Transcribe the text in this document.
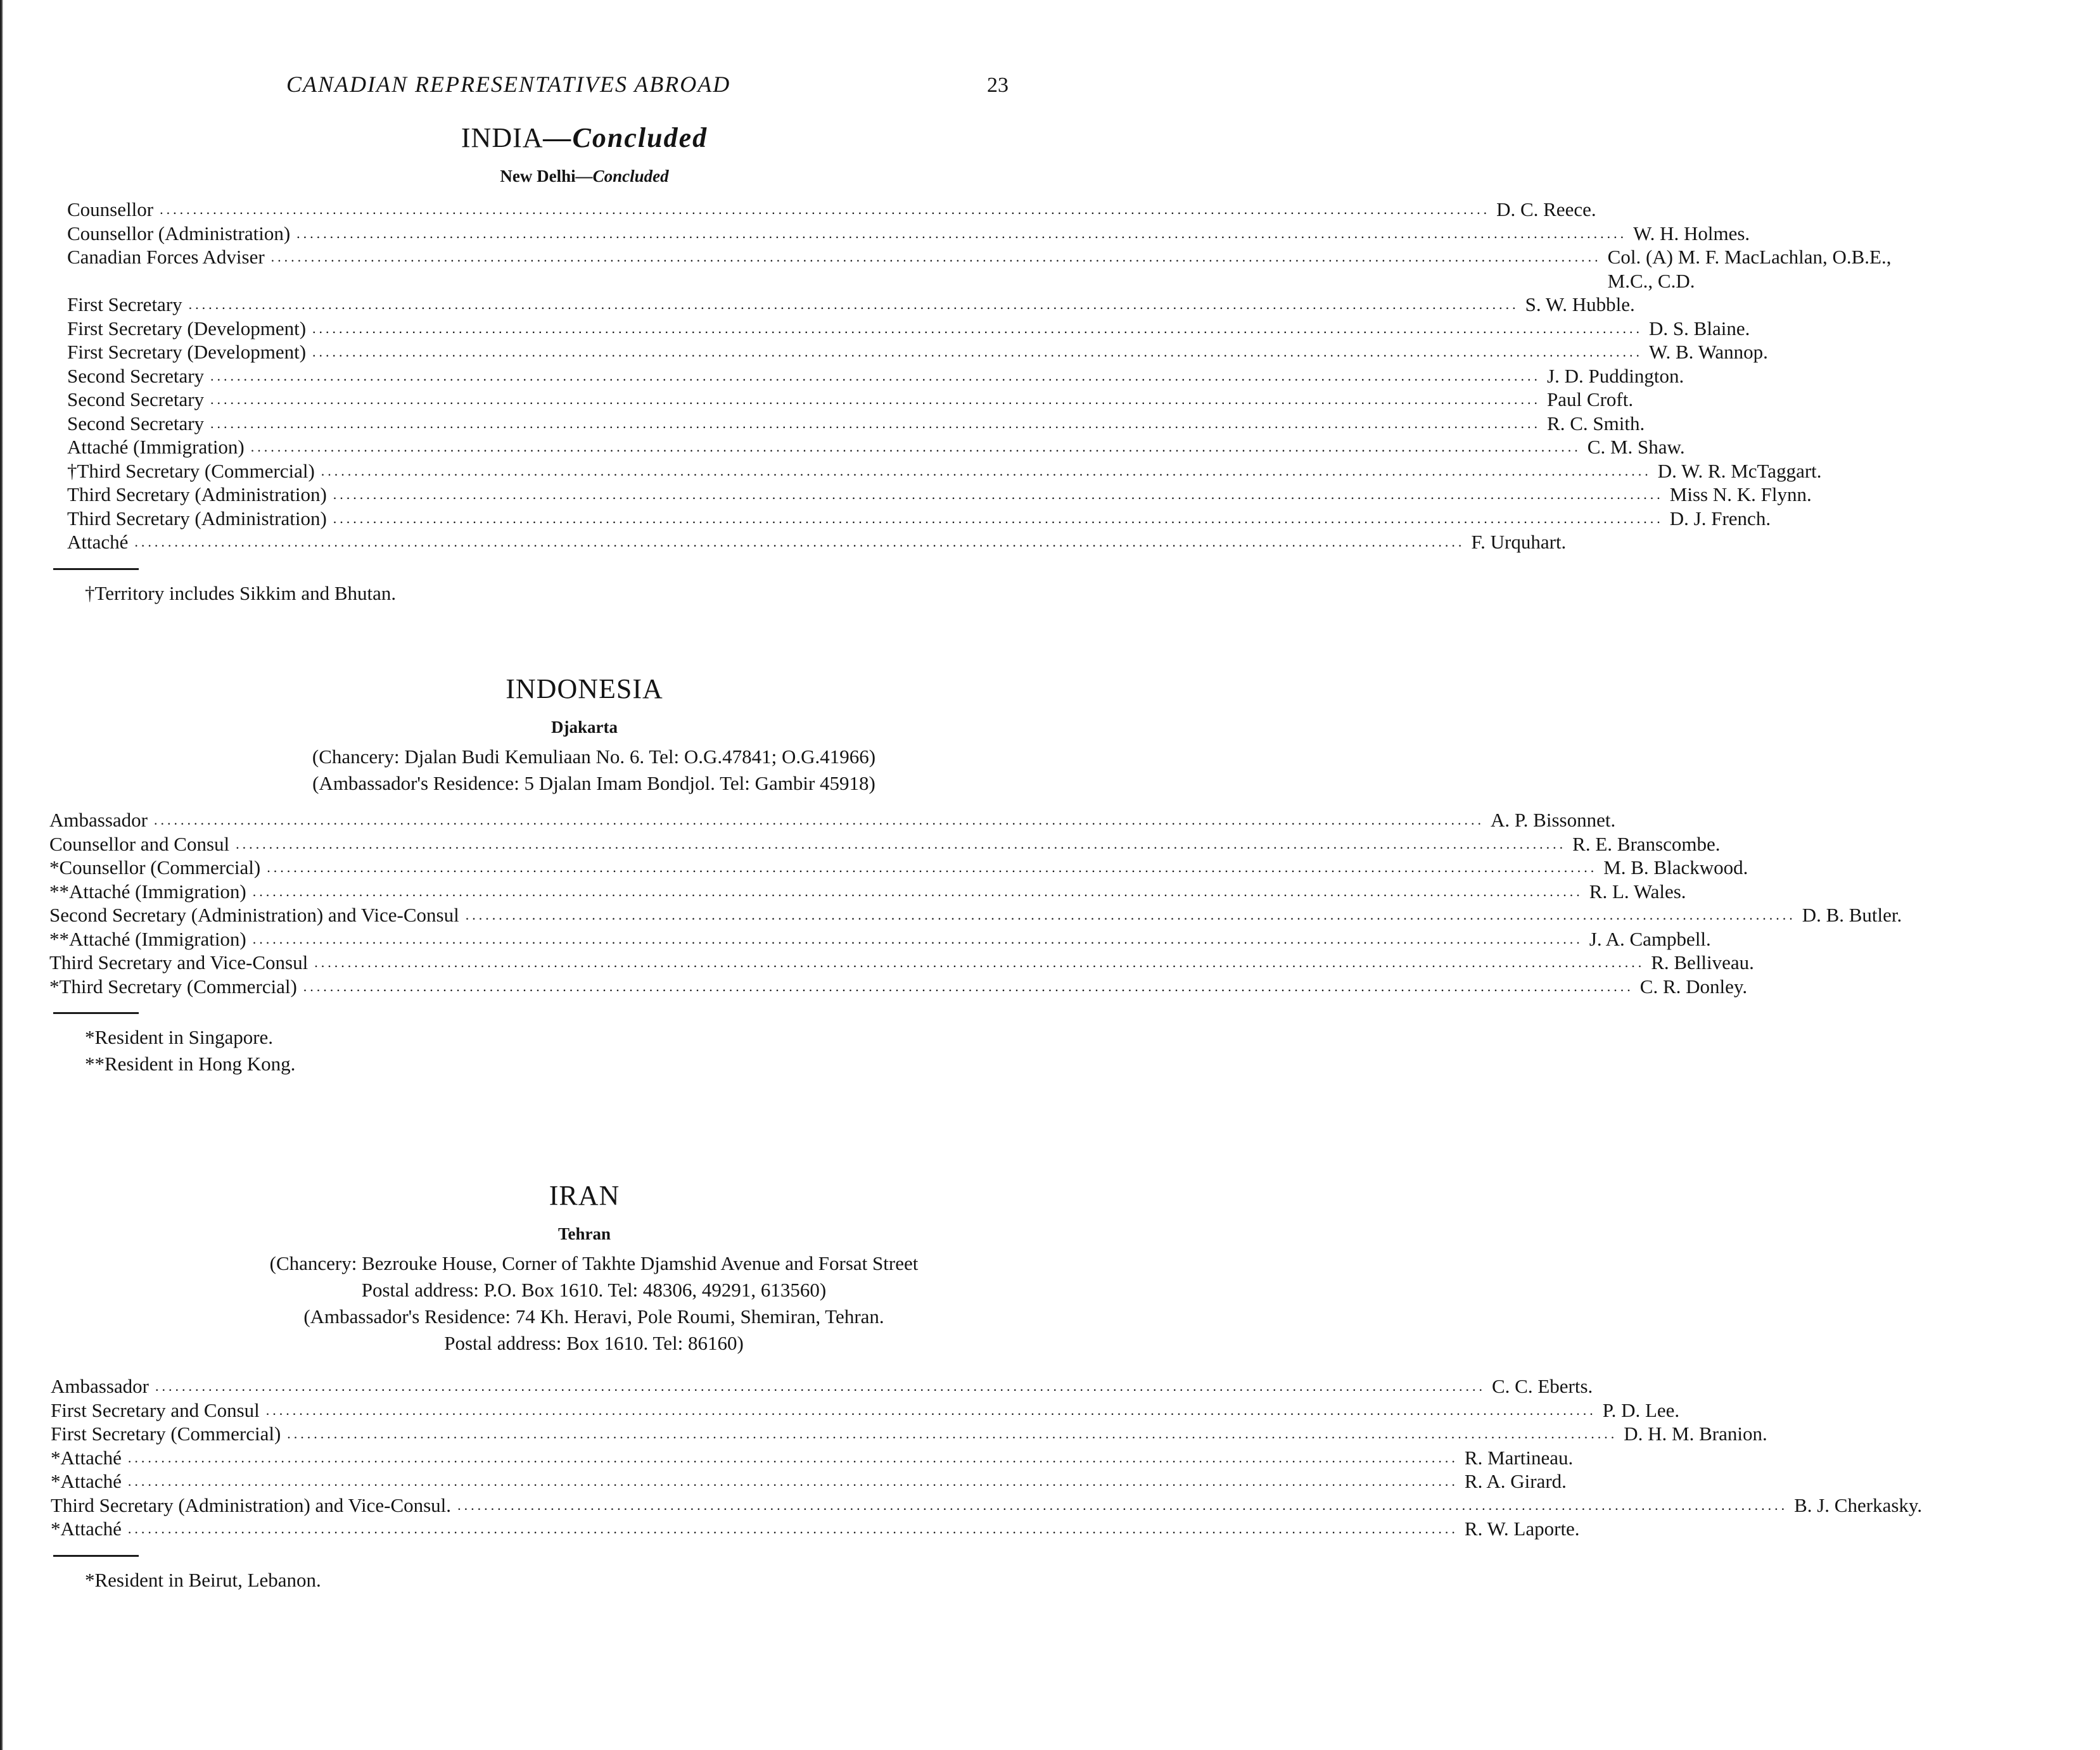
CANADIAN REPRESENTATIVES ABROAD	23
INDIA—Concluded
New Delhi—Concluded
Counsellor ........................................................................................................................................................................................................ D. C. Reece.
Counsellor (Administration) ........................................................................................................................................................................................................ W. H. Holmes.
Canadian Forces Adviser ........................................................................................................................................................................................................ Col. (A) M. F. MacLachlan, O.B.E., M.C., C.D.
First Secretary ........................................................................................................................................................................................................ S. W. Hubble.
First Secretary (Development) ........................................................................................................................................................................................................ D. S. Blaine.
First Secretary (Development) ........................................................................................................................................................................................................ W. B. Wannop.
Second Secretary ........................................................................................................................................................................................................ J. D. Puddington.
Second Secretary ........................................................................................................................................................................................................ Paul Croft.
Second Secretary ........................................................................................................................................................................................................ R. C. Smith.
Attaché (Immigration) ........................................................................................................................................................................................................ C. M. Shaw.
†Third Secretary (Commercial) ........................................................................................................................................................................................................ D. W. R. McTaggart.
Third Secretary (Administration) ........................................................................................................................................................................................................ Miss N. K. Flynn.
Third Secretary (Administration) ........................................................................................................................................................................................................ D. J. French.
Attaché ........................................................................................................................................................................................................ F. Urquhart.
†Territory includes Sikkim and Bhutan.
INDONESIA
Djakarta
(Chancery: Djalan Budi Kemuliaan No. 6. Tel: O.G.47841; O.G.41966)
(Ambassador's Residence: 5 Djalan Imam Bondjol. Tel: Gambir 45918)
Ambassador ........................................................................................................................................................................................................ A. P. Bissonnet.
Counsellor and Consul ........................................................................................................................................................................................................ R. E. Branscombe.
*Counsellor (Commercial) ........................................................................................................................................................................................................ M. B. Blackwood.
**Attaché (Immigration) ........................................................................................................................................................................................................ R. L. Wales.
Second Secretary (Administration) and Vice-Consul ........................................................................................................................................................................................................ D. B. Butler.
**Attaché (Immigration) ........................................................................................................................................................................................................ J. A. Campbell.
Third Secretary and Vice-Consul ........................................................................................................................................................................................................ R. Belliveau.
*Third Secretary (Commercial) ........................................................................................................................................................................................................ C. R. Donley.
*Resident in Singapore.
**Resident in Hong Kong.
IRAN
Tehran
(Chancery: Bezrouke House, Corner of Takhte Djamshid Avenue and Forsat Street
Postal address: P.O. Box 1610. Tel: 48306, 49291, 613560)
(Ambassador's Residence: 74 Kh. Heravi, Pole Roumi, Shemiran, Tehran.
Postal address: Box 1610. Tel: 86160)
Ambassador ........................................................................................................................................................................................................ C. C. Eberts.
First Secretary and Consul ........................................................................................................................................................................................................ P. D. Lee.
First Secretary (Commercial) ........................................................................................................................................................................................................ D. H. M. Branion.
*Attaché ........................................................................................................................................................................................................ R. Martineau.
*Attaché ........................................................................................................................................................................................................ R. A. Girard.
Third Secretary (Administration) and Vice-Consul. ........................................................................................................................................................................................................ B. J. Cherkasky.
*Attaché ........................................................................................................................................................................................................ R. W. Laporte.
*Resident in Beirut, Lebanon.
